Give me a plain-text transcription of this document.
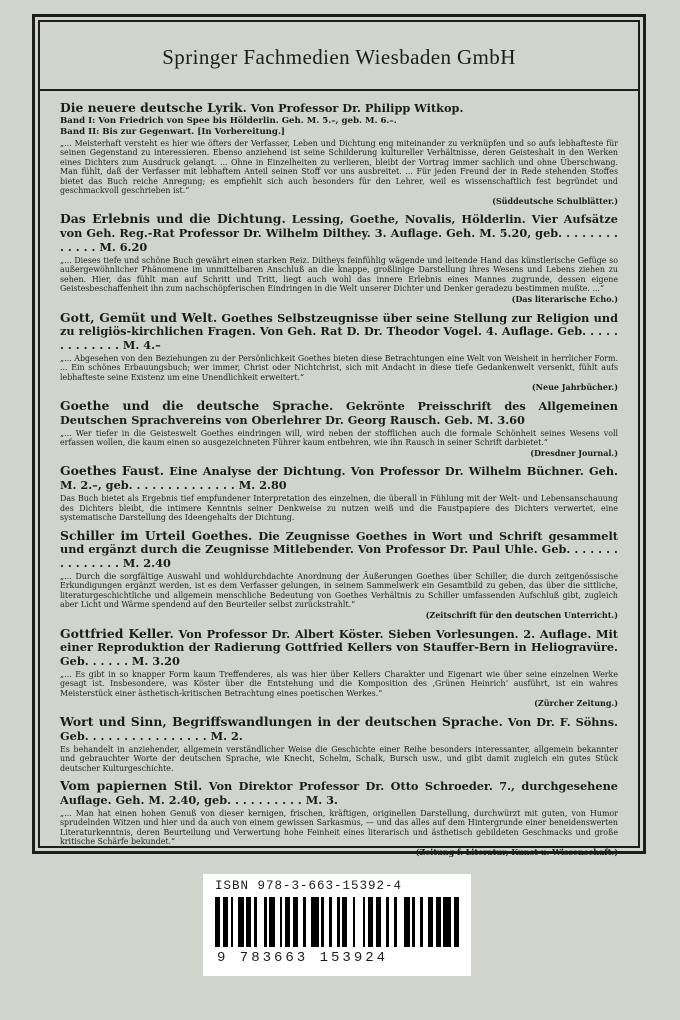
Springer Fachmedien Wiesbaden GmbH

Die neuere deutsche Lyrik. Von Professor Dr. Philipp Witkop.

Band I: Von Friedrich von Spee bis Hölderlin. Geh. M. 5.–, geb. M. 6.–.

Band II: Bis zur Gegenwart. [In Vorbereitung.]

„... Meisterhaft versteht es hier wie öfters der Verfasser, Leben und Dichtung eng miteinander zu verknüpfen und so aufs lebhafteste für seinen Gegenstand zu interessieren. Ebenso anziehend ist seine Schilderung kultureller Verhältnisse, deren Geisteshalt in den Werken eines Dichters zum Ausdruck gelangt. ... Ohne in Einzelheiten zu verlieren, bleibt der Vortrag immer sachlich und ohne Überschwang. Man fühlt, daß der Verfasser mit lebhaftem Anteil seinen Stoff vor uns ausbreitet. ... Für jeden Freund der in Rede stehenden Stoffes bietet das Buch reiche Anregung; es empfiehlt sich auch besonders für den Lehrer, weil es wissenschaftlich fest begründet und geschmackvoll geschrieben ist.“

(Süddeutsche Schulblätter.)

Das Erlebnis und die Dichtung. Lessing, Goethe, Novalis, Hölderlin. Vier Aufsätze von Geh. Reg.-Rat Professor Dr. Wilhelm Dilthey. 3. Auflage. Geh. M. 5.20, geb. . . . . . . . . . . . . M. 6.20

„... Dieses tiefe und schöne Buch gewährt einen starken Reiz. Diltheys feinfühlig wägende und leitende Hand das künstlerische Gefüge so außergewöhnlicher Phänomene im unmittelbaren Anschluß an die knappe, großlinige Darstellung ihres Wesens und Lebens ziehen zu sehen. Hier, das fühlt man auf Schritt und Tritt, liegt auch wohl das innere Erlebnis eines Mannes zugrunde, dessen eigene Geistesbeschaffenheit ihn zum nachschöpferischen Eindringen in die Welt unserer Dichter und Denker geradezu bestimmen mußte. ...“

(Das literarische Echo.)

Gott, Gemüt und Welt. Goethes Selbstzeugnisse über seine Stellung zur Religion und zu religiös-kirchlichen Fragen. Von Geh. Rat D. Dr. Theodor Vogel. 4. Auflage. Geb. . . . . . . . . . . . . M. 4.–

„... Abgesehen von den Beziehungen zu der Persönlichkeit Goethes bieten diese Betrachtungen eine Welt von Weisheit in herrlicher Form. ... Ein schönes Erbauungsbuch; wer immer, Christ oder Nichtchrist, sich mit Andacht in diese tiefe Gedankenwelt versenkt, fühlt aufs lebhafteste seine Existenz um eine Unendlichkeit erweitert.“

(Neue Jahrbücher.)

Goethe und die deutsche Sprache. Gekrönte Preisschrift des Allgemeinen Deutschen Sprachvereins von Oberlehrer Dr. Georg Rausch. Geb. M. 3.60

„... Wer tiefer in die Geisteswelt Goethes eindringen will, wird neben der stofflichen auch die formale Schönheit seines Wesens voll erfassen wollen, die kaum einen so ausgezeichneten Führer kaum entbehren, wie ihn Rausch in seiner Schrift darbietet.“

(Dresdner Journal.)

Goethes Faust. Eine Analyse der Dichtung. Von Professor Dr. Wilhelm Büchner. Geh. M. 2.–, geb. . . . . . . . . . . . . . M. 2.80

Das Buch bietet als Ergebnis tief empfundener Interpretation des einzelnen, die überall in Fühlung mit der Welt- und Lebensanschauung des Dichters bleibt, die intimere Kenntnis seiner Denkweise zu nutzen weiß und die Faustpapiere des Dichters verwertet, eine systematische Darstellung des Ideengehalts der Dichtung.

Schiller im Urteil Goethes. Die Zeugnisse Goethes in Wort und Schrift gesammelt und ergänzt durch die Zeugnisse Mitlebender. Von Professor Dr. Paul Uhle. Geb. . . . . . . . . . . . . . . M. 2.40

„... Durch die sorgfältige Auswahl und wohldurchdachte Anordnung der Äußerungen Goethes über Schiller, die durch zeitgenössische Erkundigungen ergänzt werden, ist es dem Verfasser gelungen, in seinem Sammelwerk ein Gesamtbild zu geben, das über die sittliche, literaturgeschichtliche und allgemein menschliche Bedeutung von Goethes Verhältnis zu Schiller umfassenden Aufschluß gibt, zugleich aber Licht und Wärme spendend auf den Beurteiler selbst zurückstrahlt.“

(Zeitschrift für den deutschen Unterricht.)

Gottfried Keller. Von Professor Dr. Albert Köster. Sieben Vorlesungen. 2. Auflage. Mit einer Reproduktion der Radierung Gottfried Kellers von Stauffer-Bern in Heliogravüre. Geb. . . . . . M. 3.20

„... Es gibt in so knapper Form kaum Treffenderes, als was hier über Kellers Charakter und Eigenart wie über seine einzelnen Werke gesagt ist. Insbesondere, was Köster über die Entstehung und die Komposition des ‚Grünen Heinrich‘ ausführt, ist ein wahres Meisterstück einer ästhetisch-kritischen Betrachtung eines poetischen Werkes.“

(Zürcher Zeitung.)

Wort und Sinn, Begriffswandlungen in der deutschen Sprache. Von Dr. F. Söhns. Geb. . . . . . . . . . . . . . . . M. 2.

Es behandelt in anziehender, allgemein verständlicher Weise die Geschichte einer Reihe besonders interessanter, allgemein bekannter und gebrauchter Worte der deutschen Sprache, wie Knecht, Schelm, Schalk, Bursch usw., und gibt damit zugleich ein gutes Stück deutscher Kulturgeschichte.

Vom papiernen Stil. Von Direktor Professor Dr. Otto Schroeder. 7., durchgesehene Auflage. Geh. M. 2.40, geb. . . . . . . . . . M. 3.

„... Man hat einen hohen Genuß von dieser kernigen, frischen, kräftigen, originellen Darstellung, durchwürzt mit guten, von Humor sprudelnden Witzen und hier und da auch von einem gewissen Sarkasmus, — und das alles auf dem Hintergrunde einer beneidenswerten Literaturkenntnis, deren Beurteilung und Verwertung hohe Feinheit eines literarisch und ästhetisch gebildeten Geschmacks und große kritische Schärfe bekundet.“

(Zeitung f. Literatur, Kunst u. Wissenschaft.)

ISBN 978-3-663-15392-4
9 783663 153924
